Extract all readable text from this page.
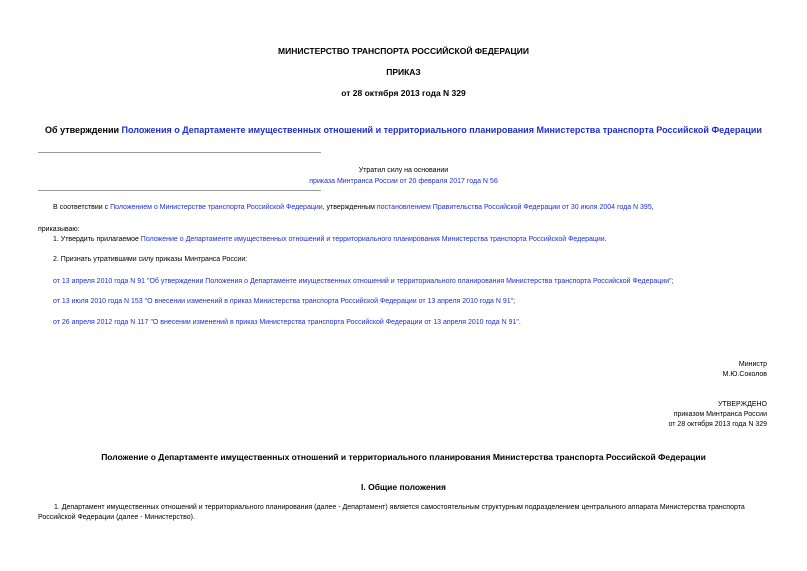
МИНИСТЕРСТВО ТРАНСПОРТА РОССИЙСКОЙ ФЕДЕРАЦИИ
ПРИКАЗ
от 28 октября 2013 года N 329
Об утверждении Положения о Департаменте имущественных отношений и территориального планирования Министерства транспорта Российской Федерации
Утратил силу на основании
приказа Минтранса России от 20 февраля 2017 года N 56
В соответствии с Положением о Министерстве транспорта Российской Федерации, утвержденным постановлением Правительства Российской Федерации от 30 июля 2004 года N 395,
приказываю:
1. Утвердить прилагаемое Положение о Департаменте имущественных отношений и территориального планирования Министерства транспорта Российской Федерации.
2. Признать утратившими силу приказы Минтранса России:
от 13 апреля 2010 года N 91 "Об утверждении Положения о Департаменте имущественных отношений и территориального планирования Министерства транспорта Российской Федерации";
от 13 июля 2010 года N 153 "О внесении изменений в приказ Министерства транспорта Российской Федерации от 13 апреля 2010 года N 91";
от 26 апреля 2012 года N 117 "О внесении изменений в приказ Министерства транспорта Российской Федерации от 13 апреля 2010 года N 91".
Министр
М.Ю.Соколов
УТВЕРЖДЕНО
приказом Минтранса России
от 28 октября 2013 года N 329
Положение о Департаменте имущественных отношений и территориального планирования Министерства транспорта Российской Федерации
I. Общие положения
1. Департамент имущественных отношений и территориального планирования (далее - Департамент) является самостоятельным структурным подразделением центрального аппарата Министерства транспорта
Российской Федерации (далее - Министерство).
